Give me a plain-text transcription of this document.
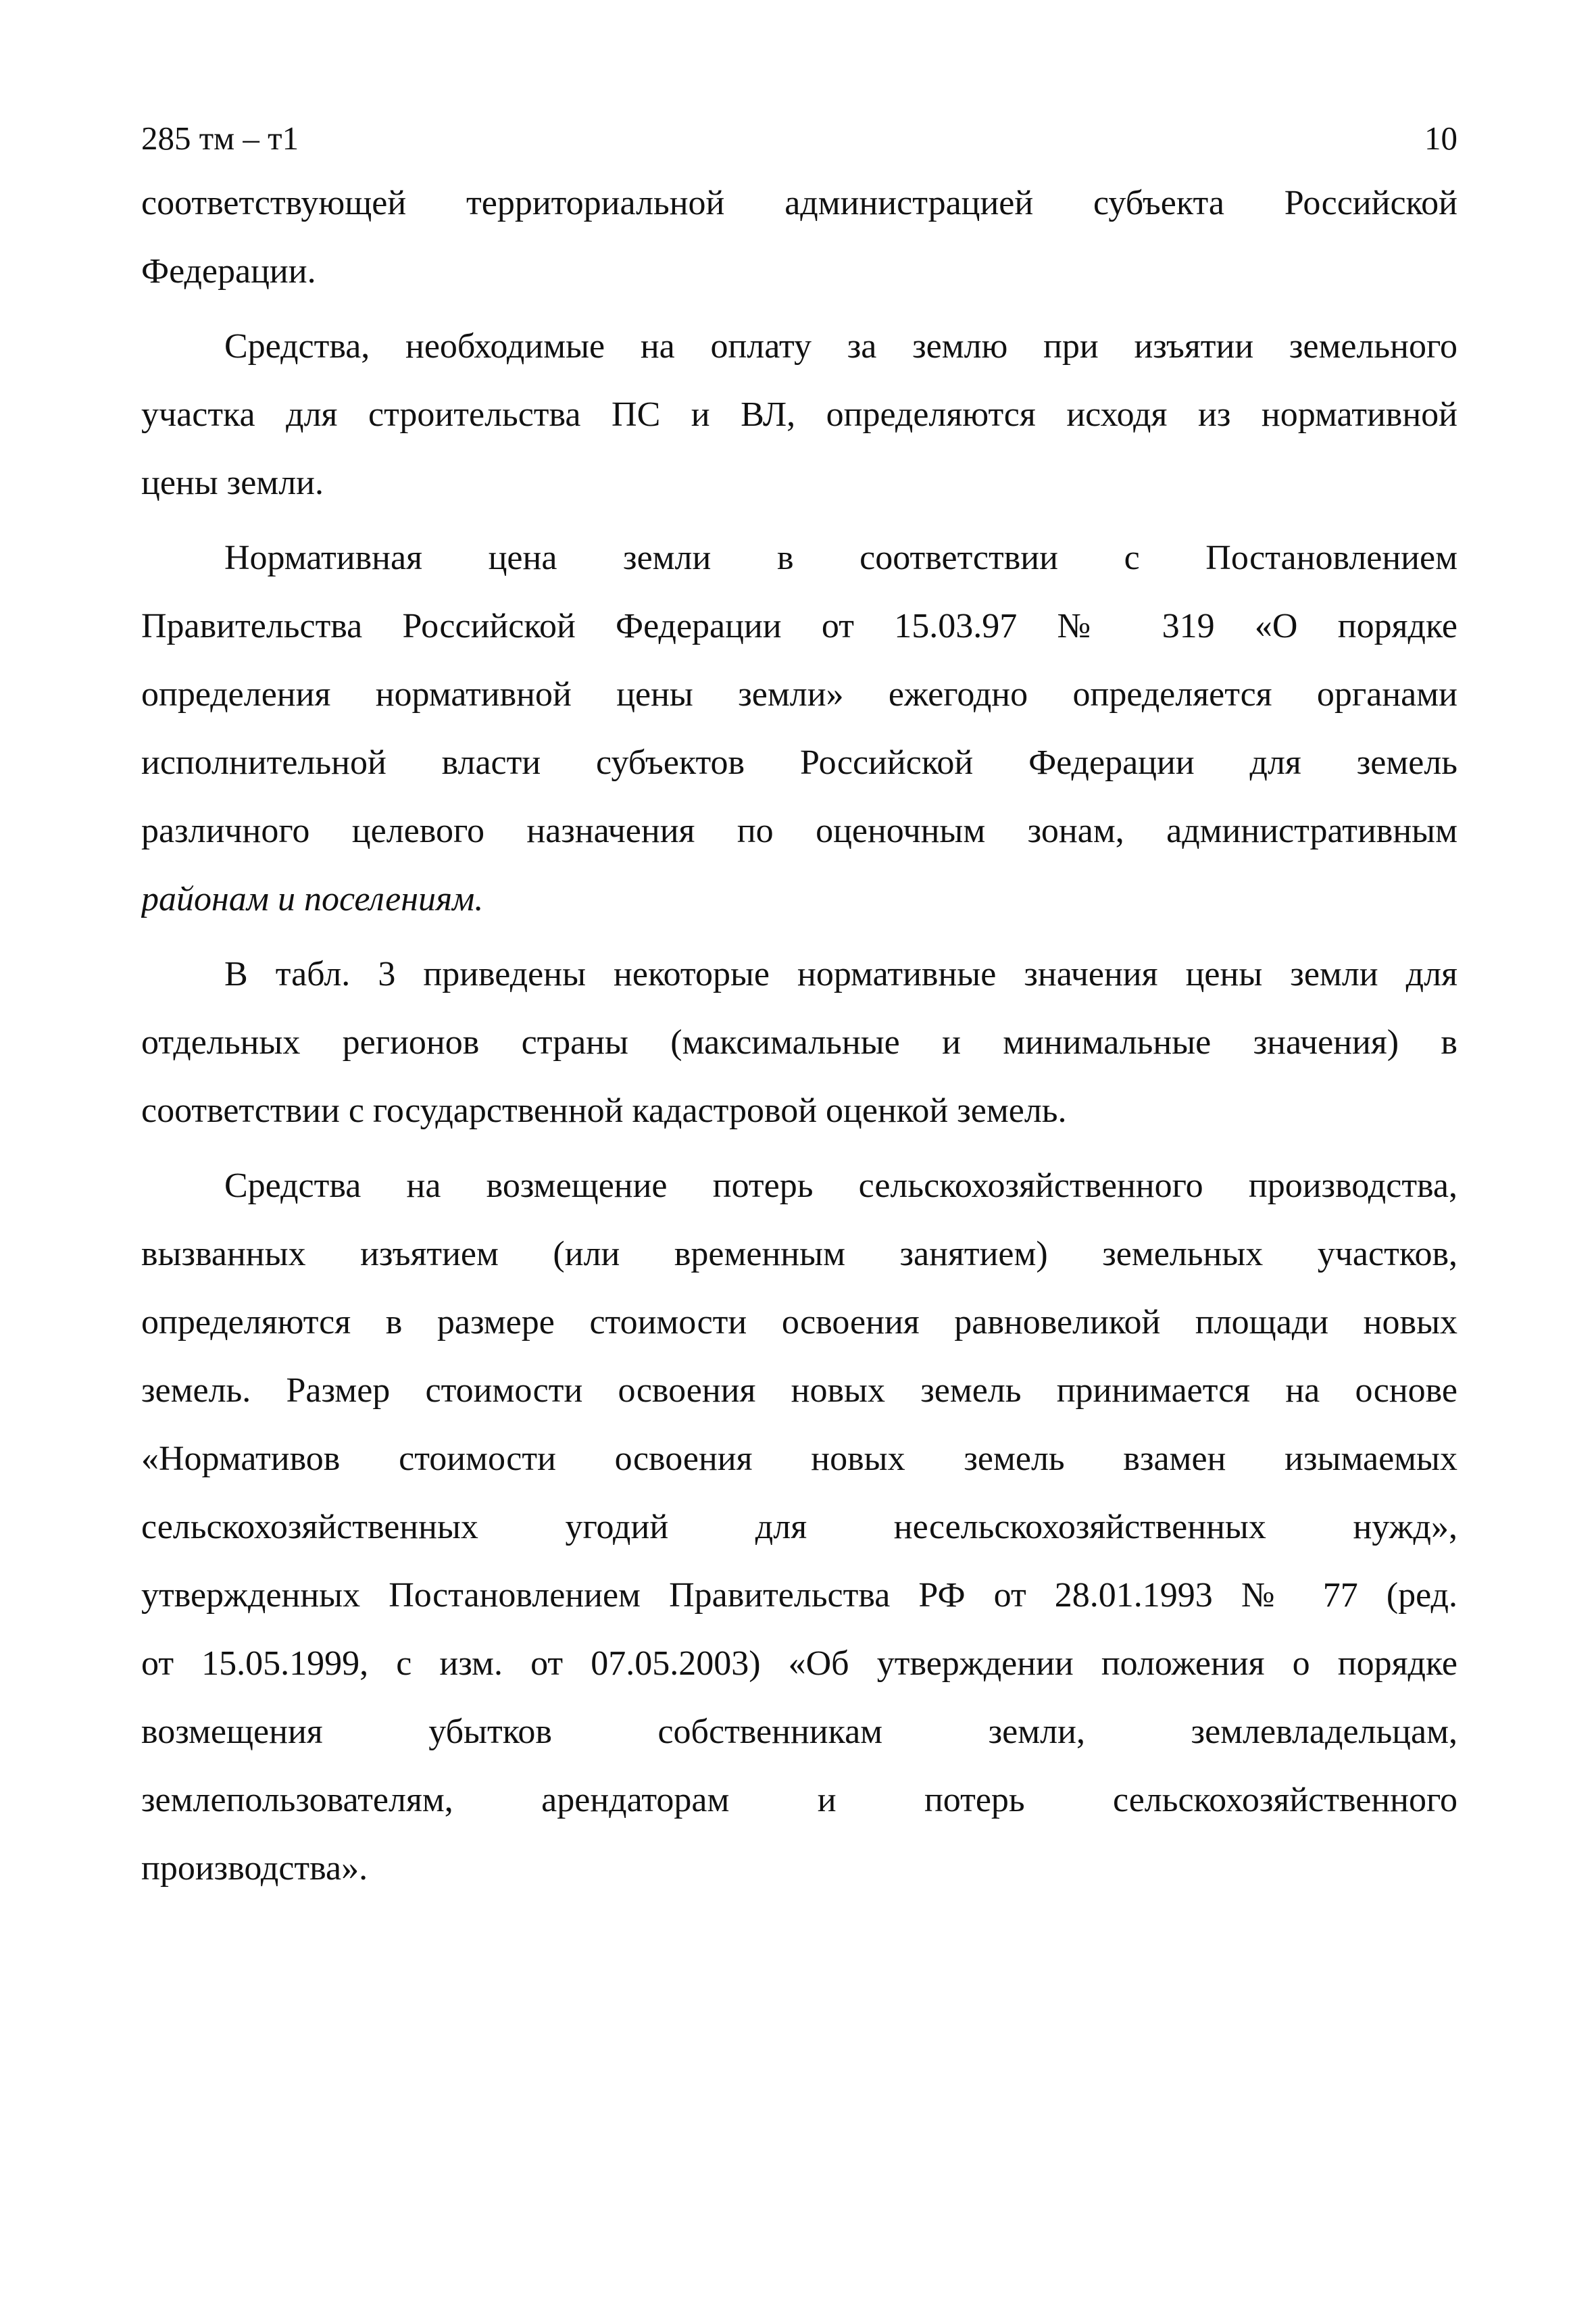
285 тм – т1	10
соответствующей территориальной администрацией субъекта Российской
Федерации.
Средства, необходимые на оплату за землю при изъятии земельного
участка для строительства ПС и ВЛ, определяются исходя из нормативной
цены земли.
Нормативная цена земли в соответствии с Постановлением
Правительства Российской Федерации от 15.03.97 № 319 «О порядке
определения нормативной цены земли» ежегодно определяется органами
исполнительной власти субъектов Российской Федерации для земель
различного целевого назначения по оценочным зонам, административным
районам и поселениям.
В табл. 3 приведены некоторые нормативные значения цены земли для
отдельных регионов страны (максимальные и минимальные значения) в
соответствии с государственной кадастровой оценкой земель.
Средства на возмещение потерь сельскохозяйственного производства,
вызванных изъятием (или временным занятием) земельных участков,
определяются в размере стоимости освоения равновеликой площади новых
земель. Размер стоимости освоения новых земель принимается на основе
«Нормативов стоимости освоения новых земель взамен изымаемых
сельскохозяйственных угодий для несельскохозяйственных нужд»,
утвержденных Постановлением Правительства РФ от 28.01.1993 № 77 (ред.
от 15.05.1999, с изм. от 07.05.2003) «Об утверждении положения о порядке
возмещения убытков собственникам земли, землевладельцам,
землепользователям, арендаторам и потерь сельскохозяйственного
производства».
